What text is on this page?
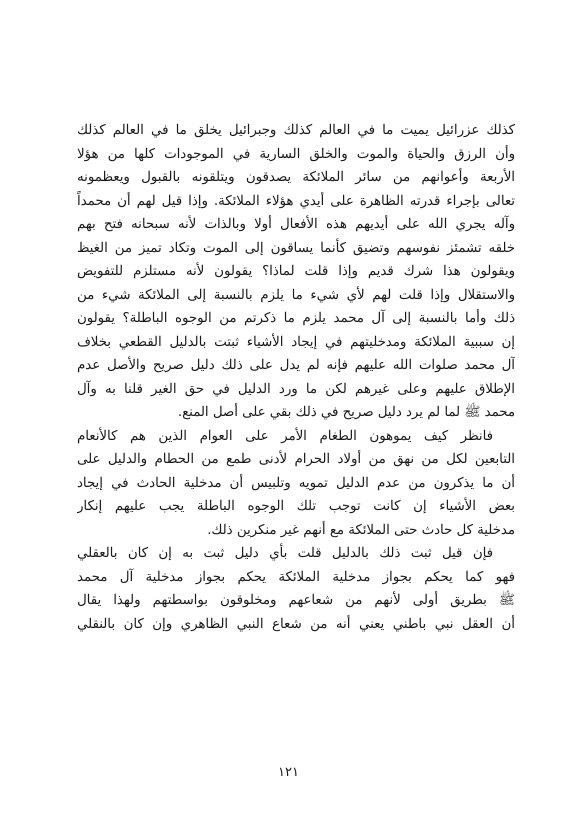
كذلك عزرائيل يميت ما في العالم كذلك وجبرائيل يخلق ما في العالم كذلك
وأن الرزق والحياة والموت والخلق السارية في الموجودات كلها من هؤلا
الأربعة وأعوانهم من سائر الملائكة يصدقون ويتلقونه بالقبول ويعظمونه
تعالى بإجراء قدرته الظاهرة على أيدي هؤلاء الملائكة. وإذا قيل لهم أن محمداً
وآله يجري الله على أيديهم هذه الأفعال أولا وبالذات لأنه سبحانه فتح بهم
خلقه تشمئز نفوسهم وتضيق كأنما يساقون إلى الموت وتكاد تميز من الغيظ
ويقولون هذا شرك قديم وإذا قلت لماذا؟ يقولون لأنه مستلزم للتفويض
والاستقلال وإذا قلت لهم لأي شيء ما يلزم بالنسبة إلى الملائكة شيء من
ذلك وأما بالنسبة إلى آل محمد يلزم ما ذكرتم من الوجوه الباطلة؟ يقولون
إن سببية الملائكة ومدخليتهم في إيجاد الأشياء ثبتت بالدليل القطعي بخلاف
آل محمد صلوات الله عليهم فإنه لم يدل على ذلك دليل صريح والأصل عدم
الإطلاق عليهم وعلى غيرهم لكن ما ورد الدليل في حق الغير قلنا به وآل
محمد ﷺ لما لم يرد دليل صريح في ذلك بقي على أصل المنع.
فانظر كيف يموهون الطغام الأمر على العوام الذين هم كالأنعام
التابعين لكل من نهق من أولاد الحرام لأدنى طمع من الحطام والدليل على
أن ما يذكرون من عدم الدليل تمويه وتلبيس أن مدخلية الحادث في إيجاد
بعض الأشياء إن كانت توجب تلك الوجوه الباطلة يجب عليهم إنكار
مدخلية كل حادث حتى الملائكة مع أنهم غير منكرين ذلك.
فإن قيل ثبت ذلك بالدليل قلت بأي دليل ثبت به إن كان بالعقلي
فهو كما يحكم بجواز مدخلية الملائكة يحكم بجواز مدخلية آل محمد
ﷺ بطريق أولى لأنهم من شعاعهم ومخلوقون بواسطتهم ولهذا يقال
أن العقل نبي باطني يعني أنه من شعاع النبي الظاهري وإن كان بالنقلي
١٢١
